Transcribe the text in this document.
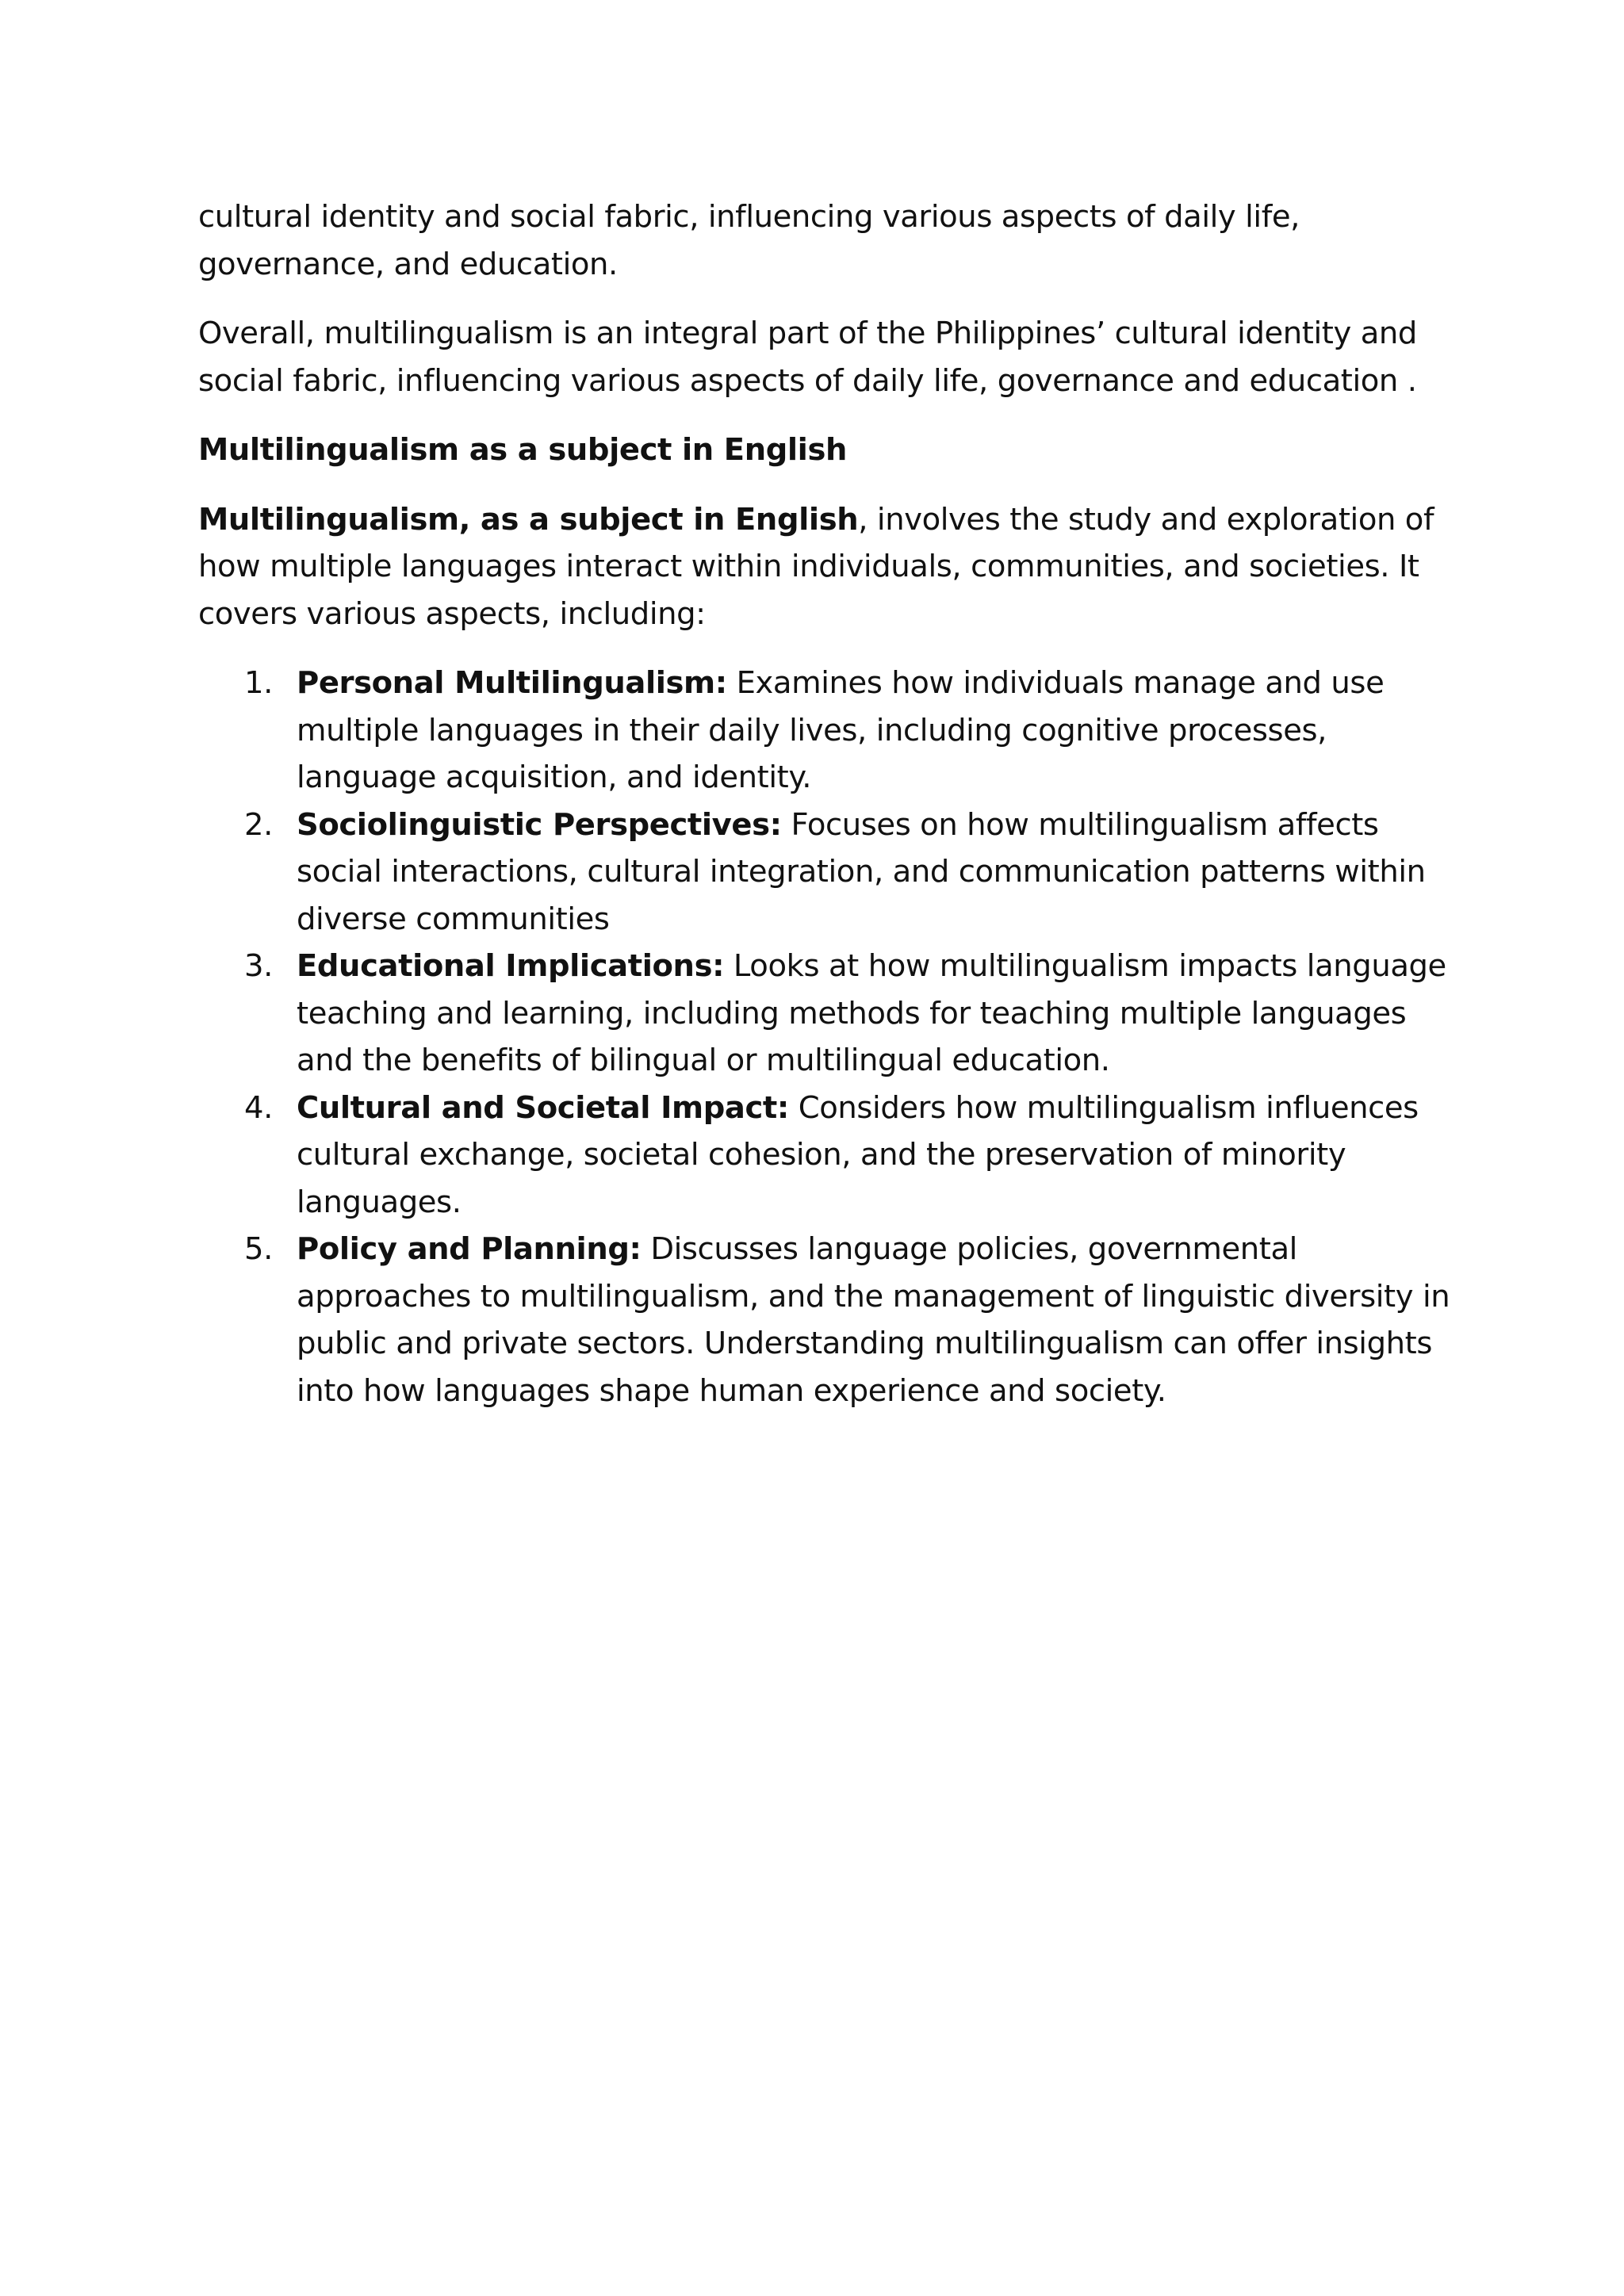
cultural identity and social fabric, influencing various aspects of daily life, governance, and education.

Overall, multilingualism is an integral part of the Philippines’ cultural identity and social fabric, influencing various aspects of daily life, governance and education .

Multilingualism as a subject in English

Multilingualism, as a subject in English, involves the study and exploration of how multiple languages interact within individuals, communities, and societies. It covers various aspects, including:

1. Personal Multilingualism: Examines how individuals manage and use multiple languages in their daily lives, including cognitive processes, language acquisition, and identity.
2. Sociolinguistic Perspectives: Focuses on how multilingualism affects social interactions, cultural integration, and communication patterns within diverse communities
3. Educational Implications: Looks at how multilingualism impacts language teaching and learning, including methods for teaching multiple languages and the benefits of bilingual or multilingual education.
4. Cultural and Societal Impact: Considers how multilingualism influences cultural exchange, societal cohesion, and the preservation of minority languages.
5. Policy and Planning: Discusses language policies, governmental approaches to multilingualism, and the management of linguistic diversity in public and private sectors. Understanding multilingualism can offer insights into how languages shape human experience and society.
